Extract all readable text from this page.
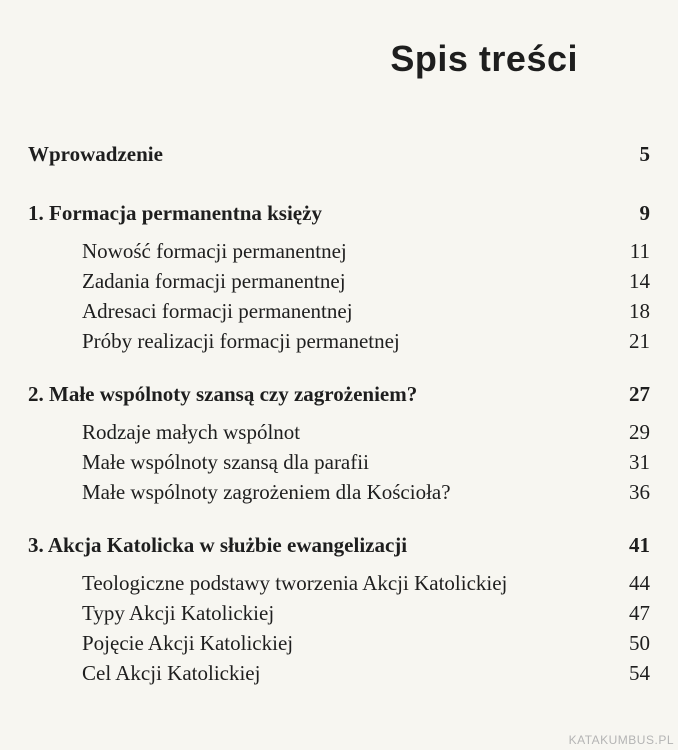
Spis treści
Wprowadzenie	5
1. Formacja permanentna księży	9
Nowość formacji permanentnej	11
Zadania formacji permanentnej	14
Adresaci formacji permanentnej	18
Próby realizacji formacji permanetnej	21
2. Małe wspólnoty szansą czy zagrożeniem?	27
Rodzaje małych wspólnot	29
Małe wspólnoty szansą dla parafii	31
Małe wspólnoty zagrożeniem dla Kościoła?	36
3. Akcja Katolicka w służbie ewangelizacji	41
Teologiczne podstawy tworzenia Akcji Katolickiej	44
Typy Akcji Katolickiej	47
Pojęcie Akcji Katolickiej	50
Cel Akcji Katolickiej	54
KATAKUMBUS.PL
